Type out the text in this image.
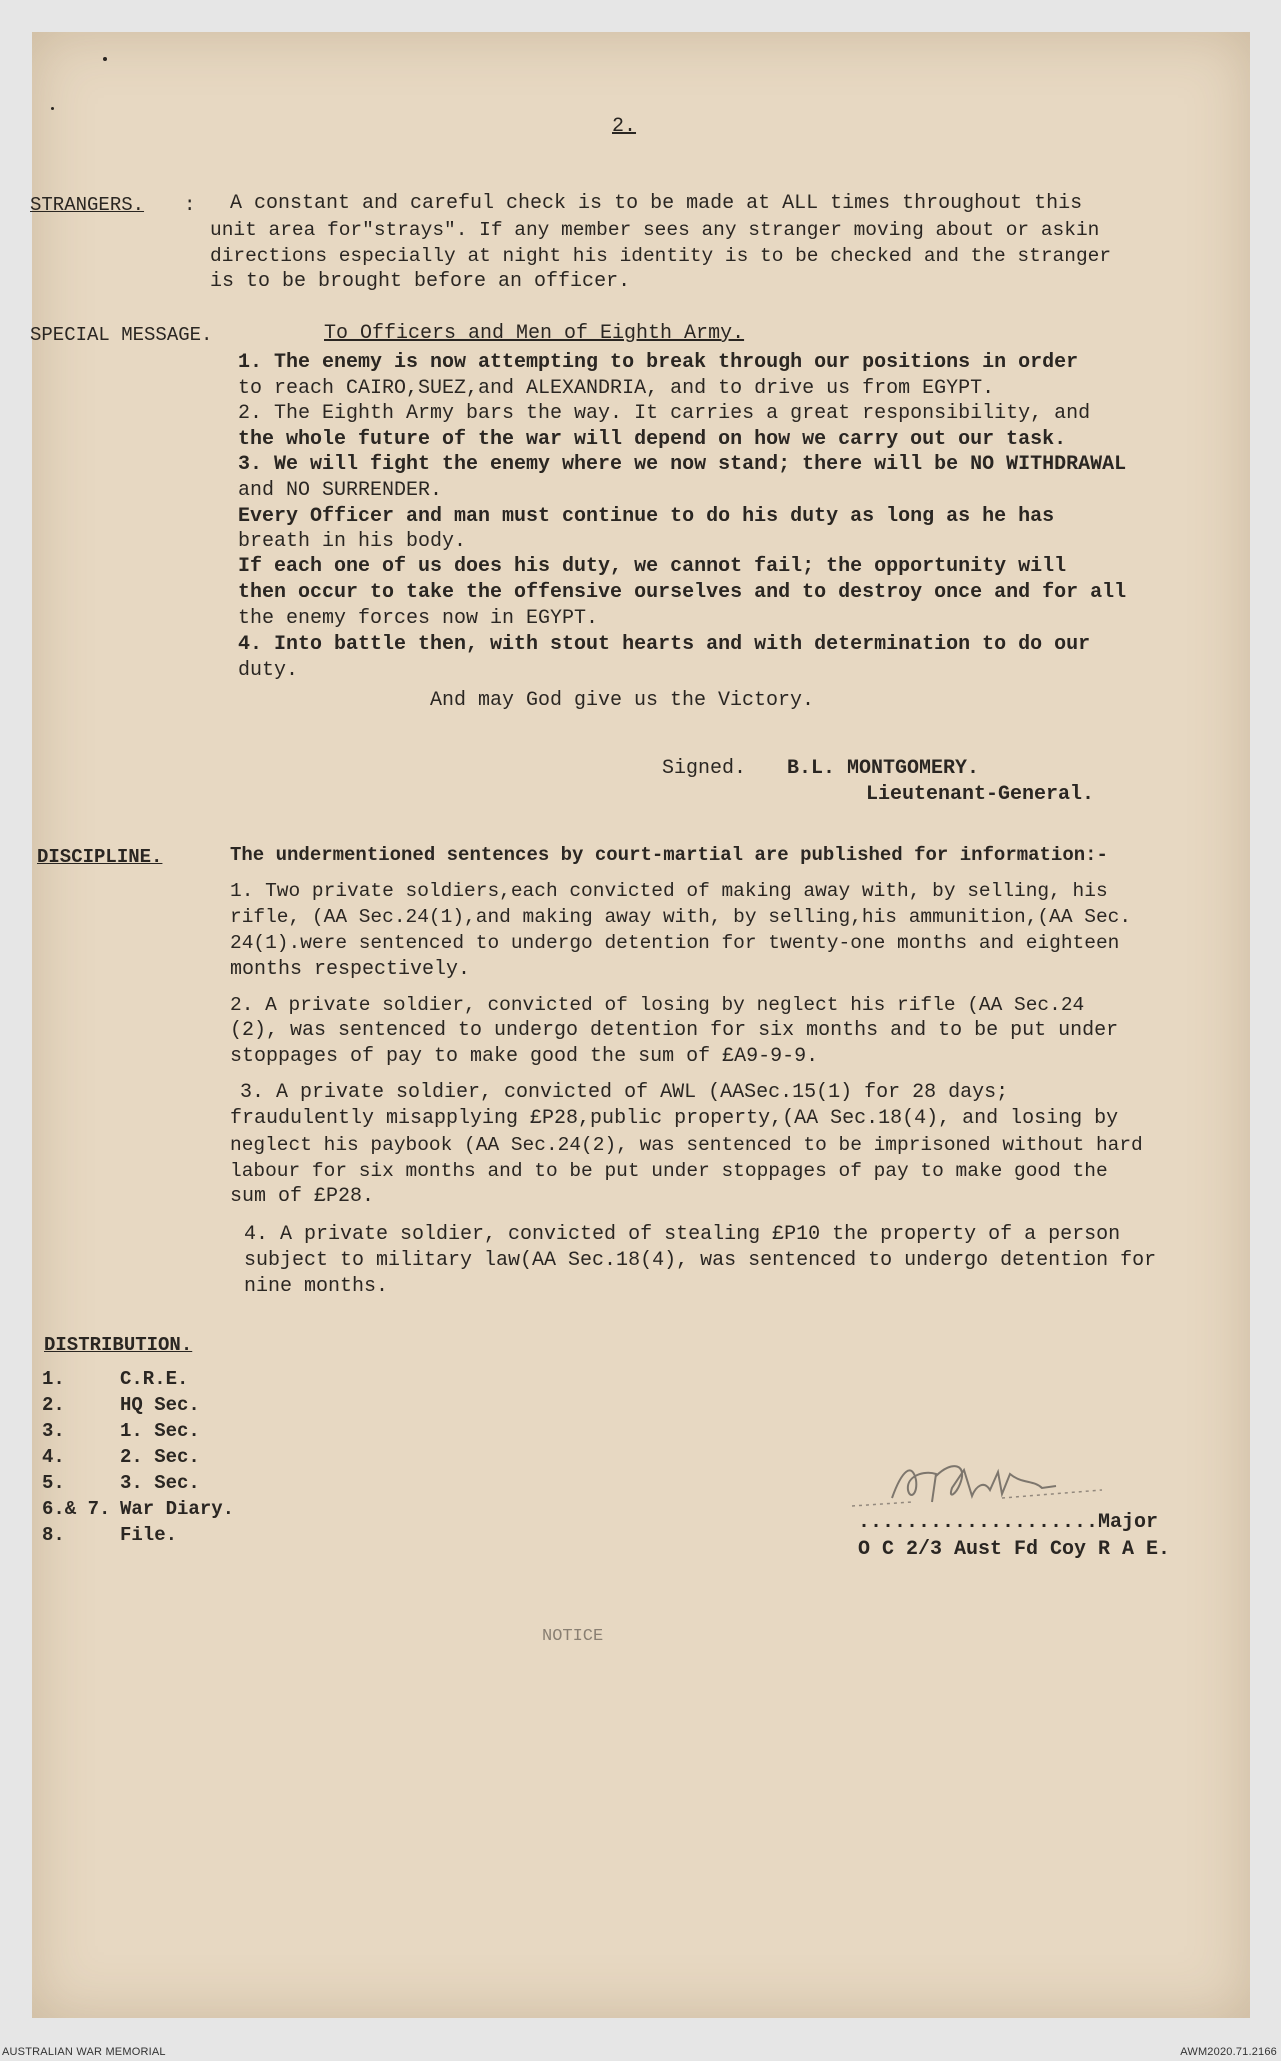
2.
STRANGERS. : A constant and careful check is to be made at ALL times throughout this
unit area for"strays". If any member sees any stranger moving about or askin
directions especially at night his identity is to be checked and the stranger
is to be brought before an officer.
SPECIAL MESSAGE.	To Officers and Men of Eighth Army.
1. The enemy is now attempting to break through our positions in order
to reach CAIRO,SUEZ,and ALEXANDRIA, and to drive us from EGYPT.
2. The Eighth Army bars the way. It carries a great responsibility, and
the whole future of the war will depend on how we carry out our task.
3. We will fight the enemy where we now stand; there will be NO WITHDRAWAL
and NO SURRENDER.
Every Officer and man must continue to do his duty as long as he has
breath in his body.
If each one of us does his duty, we cannot fail; the opportunity will
then occur to take the offensive ourselves and to destroy once and for all
the enemy forces now in EGYPT.
4. Into battle then, with stout hearts and with determination to do our
duty.
And may God give us the Victory.
Signed. B.L. MONTGOMERY.
Lieutenant-General.
DISCIPLINE.	The undermentioned sentences by court-martial are published for information:-
1. Two private soldiers,each convicted of making away with, by selling, his
rifle, (AA Sec.24(1),and making away with, by selling,his ammunition,(AA Sec.
24(1).were sentenced to undergo detention for twenty-one months and eighteen
months respectively.
2. A private soldier, convicted of losing by neglect his rifle (AA Sec.24
(2), was sentenced to undergo detention for six months and to be put under
stoppages of pay to make good the sum of £A9-9-9.
3. A private soldier, convicted of AWL (AASec.15(1) for 28 days;
fraudulently misapplying £P28,public property,(AA Sec.18(4), and losing by
neglect his paybook (AA Sec.24(2), was sentenced to be imprisoned without hard
labour for six months and to be put under stoppages of pay to make good the
sum of £P28.
4. A private soldier, convicted of stealing £P10 the property of a person
subject to military law(AA Sec.18(4), was sentenced to undergo detention for
nine months.
DISTRIBUTION.
1.	C.R.E.
2.	HQ Sec.
3.	1. Sec.
4.	2. Sec.
5.	3. Sec.
6.& 7. War Diary.
8.	File.
....................Major
O C 2/3 Aust Fd Coy R A E.
NOTICE
AUSTRALIAN WAR MEMORIAL	AWM2020.71.2166
